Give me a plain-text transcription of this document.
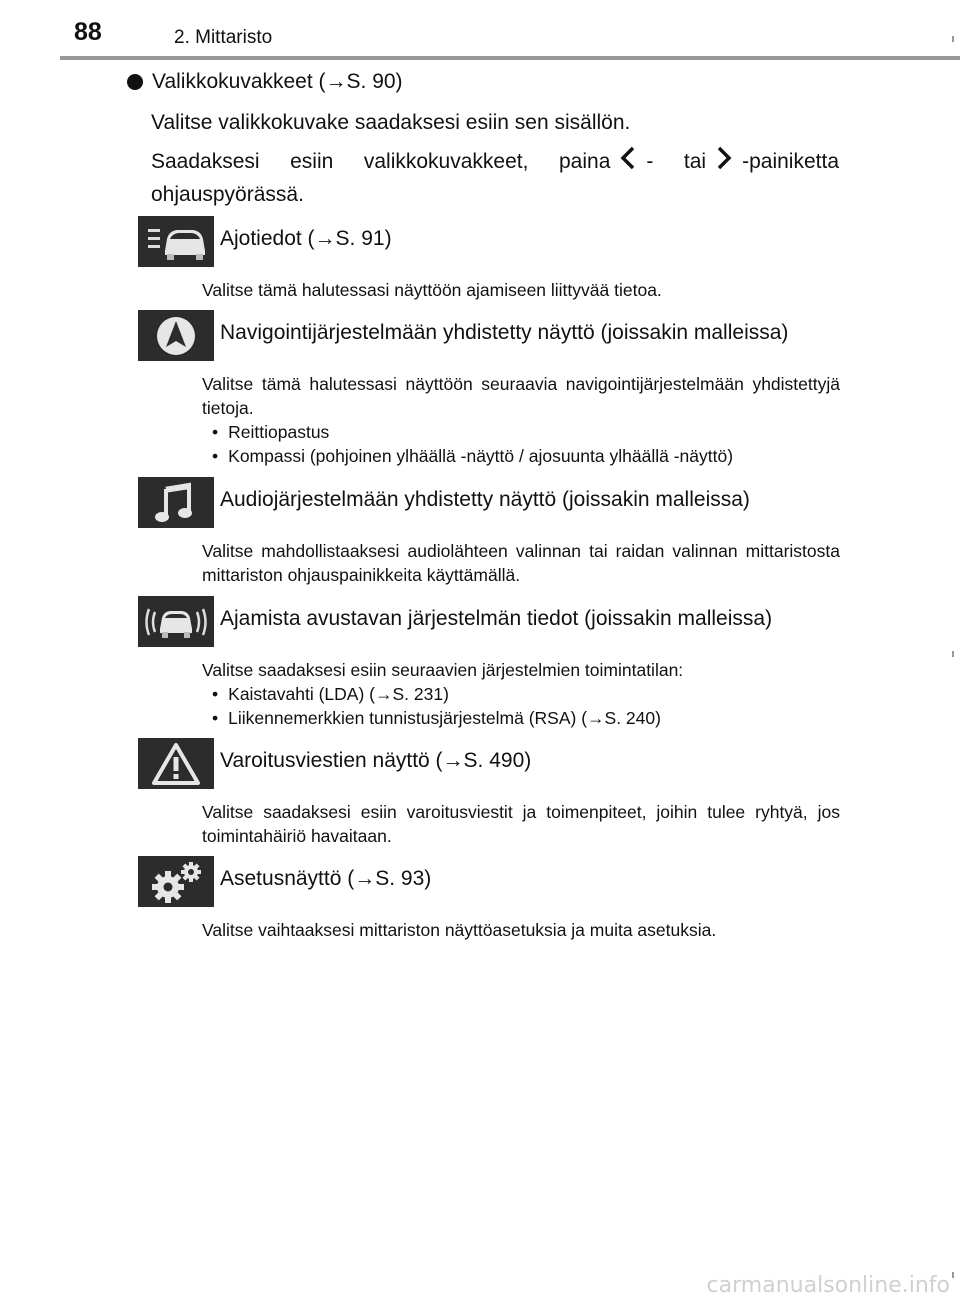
88	2. Mittaristo
Valikkokuvakkeet (→S. 90)
Valitse valikkokuvake saadaksesi esiin sen sisällön.
Saadaksesi esiin valikkokuvakkeet, paina - tai -painiketta ohjauspyörässä.
Ajotiedot (→S. 91)
Valitse tämä halutessasi näyttöön ajamiseen liittyvää tietoa.
Navigointijärjestelmään yhdistetty näyttö (joissakin malleissa)
Valitse tämä halutessasi näyttöön seuraavia navigointijärjestelmään yhdistettyjä tietoja.
• Reittiopastus
• Kompassi (pohjoinen ylhäällä -näyttö / ajosuunta ylhäällä -näyttö)
Audiojärjestelmään yhdistetty näyttö (joissakin malleissa)
Valitse mahdollistaaksesi audiolähteen valinnan tai raidan valinnan mittaristosta mittariston ohjauspainikkeita käyttämällä.
Ajamista avustavan järjestelmän tiedot (joissakin malleissa)
Valitse saadaksesi esiin seuraavien järjestelmien toimintatilan:
• Kaistavahti (LDA) (→S. 231)
• Liikennemerkkien tunnistusjärjestelmä (RSA) (→S. 240)
Varoitusviestien näyttö (→S. 490)
Valitse saadaksesi esiin varoitusviestit ja toimenpiteet, joihin tulee ryhtyä, jos toimintahäiriö havaitaan.
Asetusnäyttö (→S. 93)
Valitse vaihtaaksesi mittariston näyttöasetuksia ja muita asetuksia.
carmanualsonline.info
